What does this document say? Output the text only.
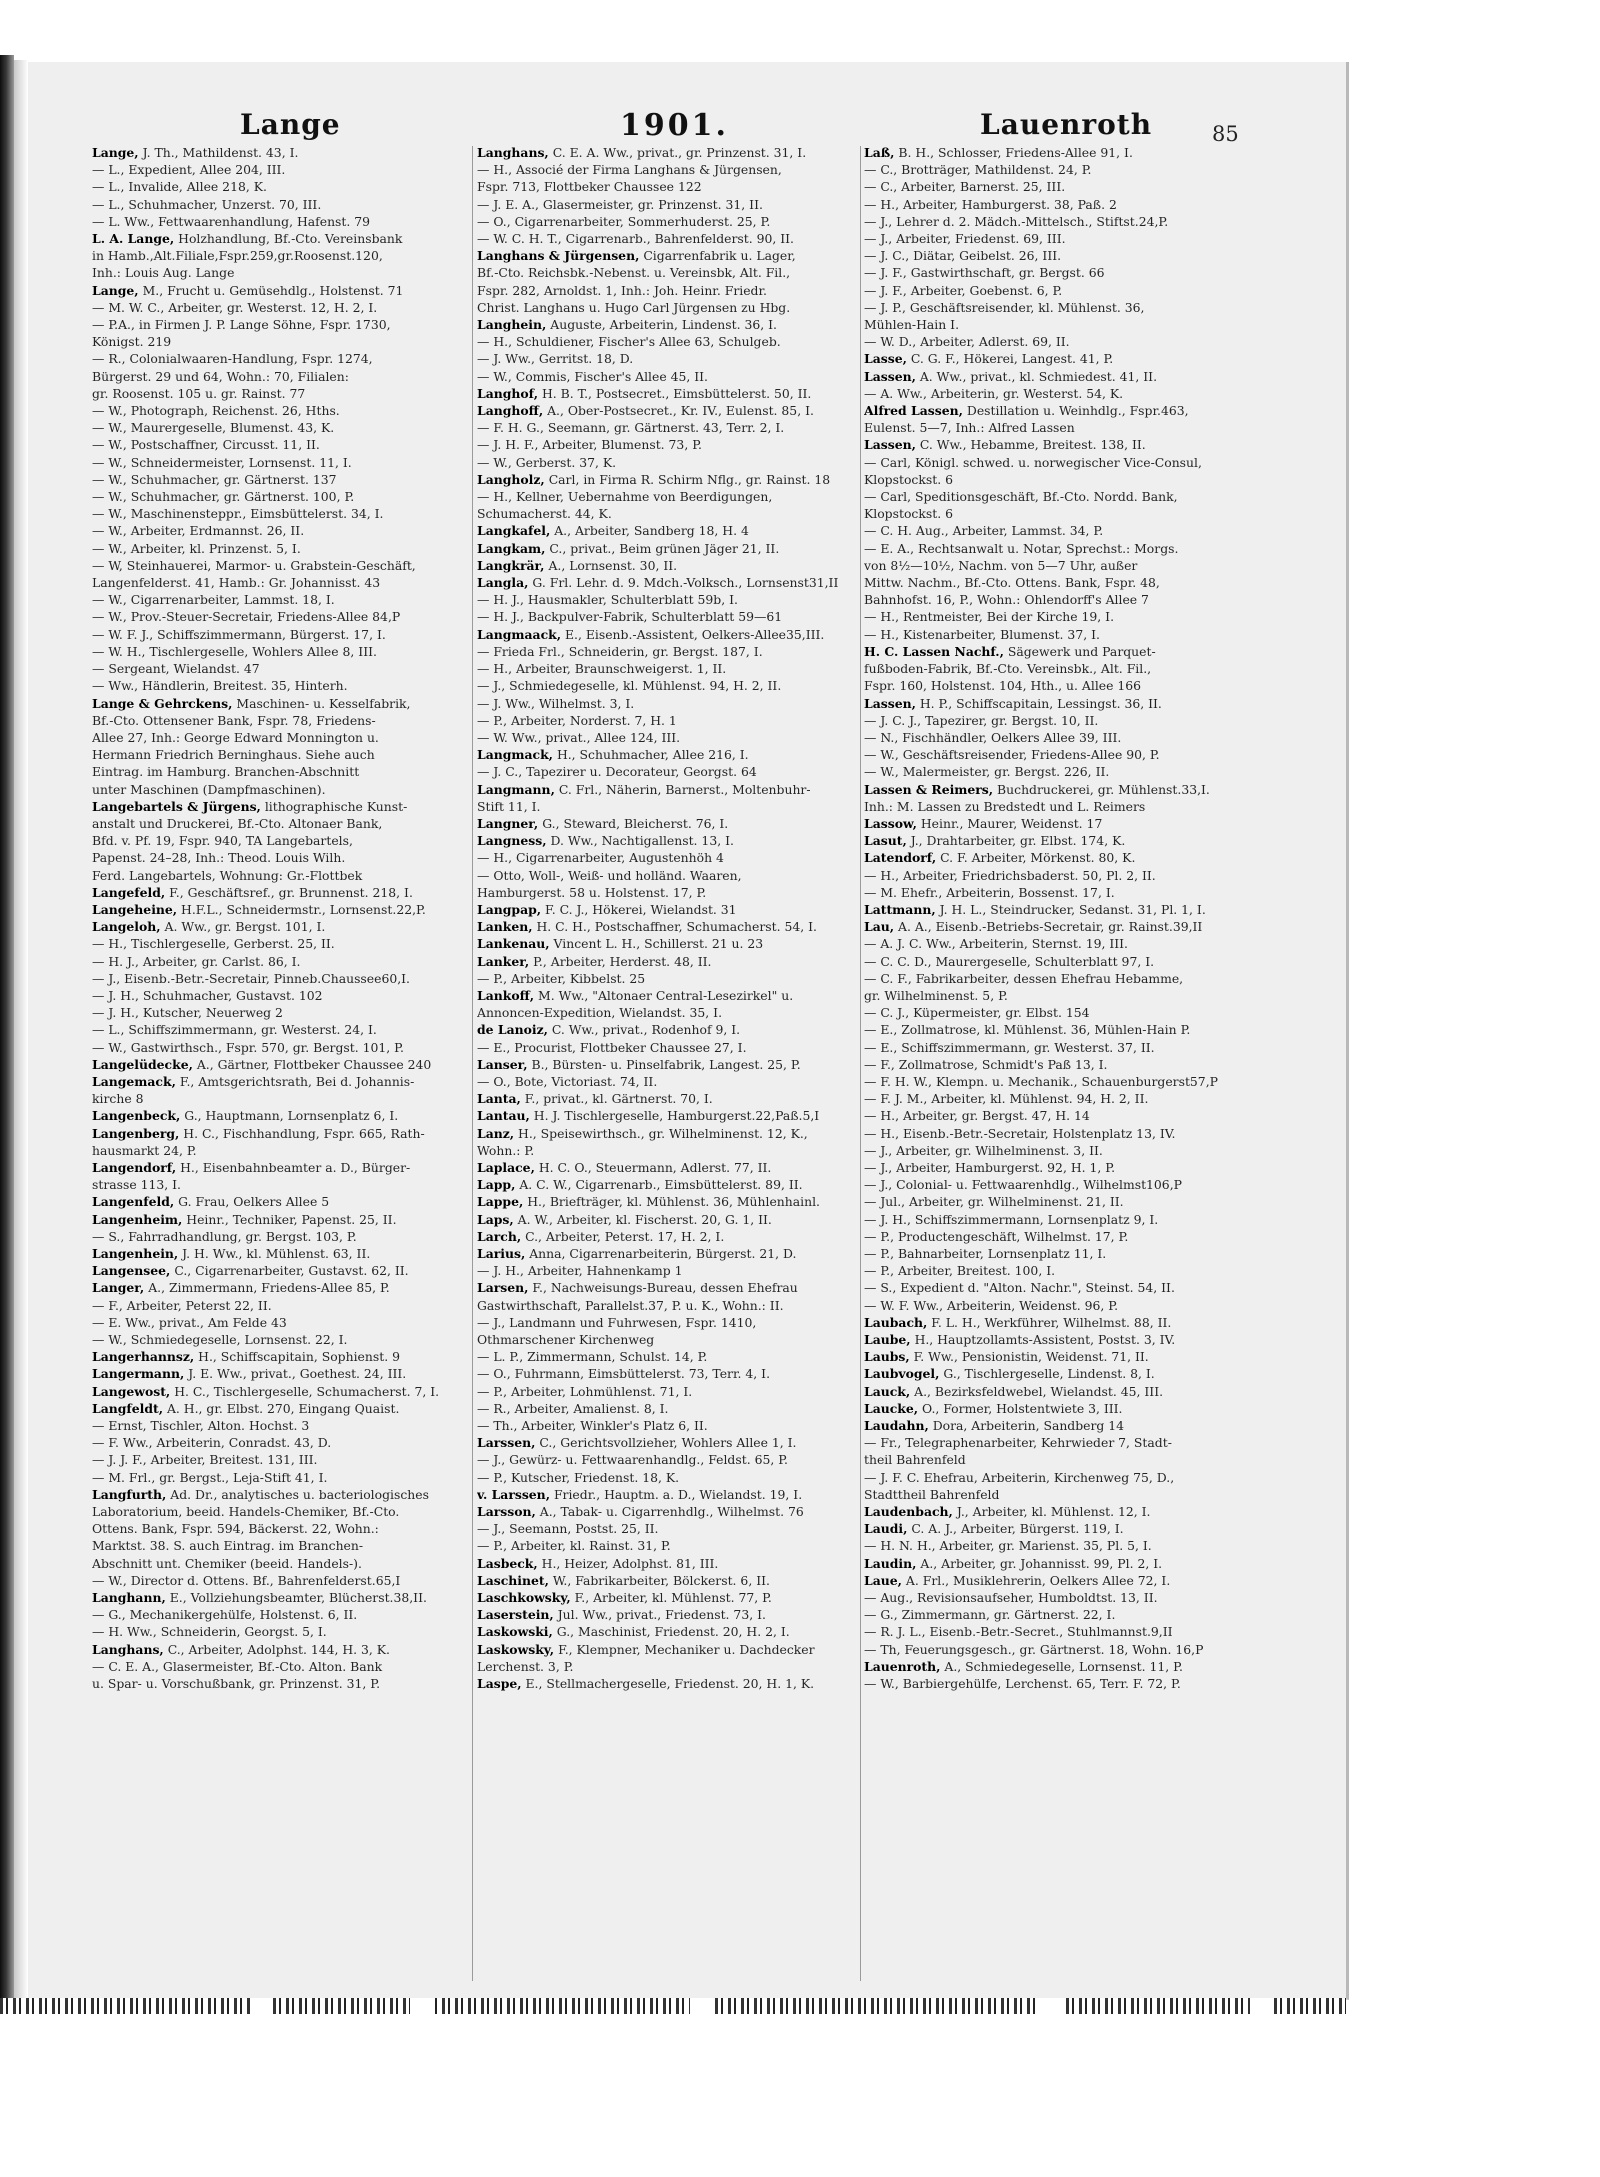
Lange	1901.	Lauenroth	85
Lange, J. Th., Mathildenst. 43, I.
— L., Expedient, Allee 204, III.
— L., Invalide, Allee 218, K.
— L., Schuhmacher, Unzerst. 70, III.
— L. Ww., Fettwaarenhandlung, Hafenst. 79
L. A. Lange, Holzhandlung, Bf.-Cto. Vereinsbank
in Hamb.,Alt.Filiale,Fspr.259,gr.Roosenst.120,
Inh.: Louis Aug. Lange
Lange, M., Frucht u. Gemüsehdlg., Holstenst. 71
— M. W. C., Arbeiter, gr. Westerst. 12, H. 2, I.
— P.A., in Firmen J. P. Lange Söhne, Fspr. 1730,
Königst. 219
— R., Colonialwaaren-Handlung, Fspr. 1274,
Bürgerst. 29 und 64, Wohn.: 70, Filialen:
gr. Roosenst. 105 u. gr. Rainst. 77
— W., Photograph, Reichenst. 26, Hths.
— W., Maurergeselle, Blumenst. 43, K.
— W., Postschaffner, Circusst. 11, II.
— W., Schneidermeister, Lornsenst. 11, I.
— W., Schuhmacher, gr. Gärtnerst. 137
— W., Schuhmacher, gr. Gärtnerst. 100, P.
— W., Maschinensteppr., Eimsbüttelerst. 34, I.
— W., Arbeiter, Erdmannst. 26, II.
— W., Arbeiter, kl. Prinzenst. 5, I.
— W, Steinhauerei, Marmor- u. Grabstein-Geschäft,
Langenfelderst. 41, Hamb.: Gr. Johannisst. 43
— W., Cigarrenarbeiter, Lammst. 18, I.
— W., Prov.-Steuer-Secretair, Friedens-Allee 84,P
— W. F. J., Schiffszimmermann, Bürgerst. 17, I.
— W. H., Tischlergeselle, Wohlers Allee 8, III.
— Sergeant, Wielandst. 47
— Ww., Händlerin, Breitest. 35, Hinterh.
Lange & Gehrckens, Maschinen- u. Kesselfabrik,
Bf.-Cto. Ottensener Bank, Fspr. 78, Friedens-
Allee 27, Inh.: George Edward Monnington u.
Hermann Friedrich Berninghaus. Siehe auch
Eintrag. im Hamburg. Branchen-Abschnitt
unter Maschinen (Dampfmaschinen).
Langebartels & Jürgens, lithographische Kunst-
anstalt und Druckerei, Bf.-Cto. Altonaer Bank,
Bfd. v. Pf. 19, Fspr. 940, TA Langebartels,
Papenst. 24–28, Inh.: Theod. Louis Wilh.
Ferd. Langebartels, Wohnung: Gr.-Flottbek
Langefeld, F., Geschäftsref., gr. Brunnenst. 218, I.
Langeheine, H.F.L., Schneidermstr., Lornsenst.22,P.
Langeloh, A. Ww., gr. Bergst. 101, I.
— H., Tischlergeselle, Gerberst. 25, II.
— H. J., Arbeiter, gr. Carlst. 86, I.
— J., Eisenb.-Betr.-Secretair, Pinneb.Chaussee60,I.
— J. H., Schuhmacher, Gustavst. 102
— J. H., Kutscher, Neuerweg 2
— L., Schiffszimmermann, gr. Westerst. 24, I.
— W., Gastwirthsch., Fspr. 570, gr. Bergst. 101, P.
Langelüdecke, A., Gärtner, Flottbeker Chaussee 240
Langemack, F., Amtsgerichtsrath, Bei d. Johannis-
kirche 8
Langenbeck, G., Hauptmann, Lornsenplatz 6, I.
Langenberg, H. C., Fischhandlung, Fspr. 665, Rath-
hausmarkt 24, P.
Langendorf, H., Eisenbahnbeamter a. D., Bürger-
strasse 113, I.
Langenfeld, G. Frau, Oelkers Allee 5
Langenheim, Heinr., Techniker, Papenst. 25, II.
— S., Fahrradhandlung, gr. Bergst. 103, P.
Langenhein, J. H. Ww., kl. Mühlenst. 63, II.
Langensee, C., Cigarrenarbeiter, Gustavst. 62, II.
Langer, A., Zimmermann, Friedens-Allee 85, P.
— F., Arbeiter, Peterst 22, II.
— E. Ww., privat., Am Felde 43
— W., Schmiedegeselle, Lornsenst. 22, I.
Langerhannsz, H., Schiffscapitain, Sophienst. 9
Langermann, J. E. Ww., privat., Goethest. 24, III.
Langewost, H. C., Tischlergeselle, Schumacherst. 7, I.
Langfeldt, A. H., gr. Elbst. 270, Eingang Quaist.
— Ernst, Tischler, Alton. Hochst. 3
— F. Ww., Arbeiterin, Conradst. 43, D.
— J. J. F., Arbeiter, Breitest. 131, III.
— M. Frl., gr. Bergst., Leja-Stift 41, I.
Langfurth, Ad. Dr., analytisches u. bacteriologisches
Laboratorium, beeid. Handels-Chemiker, Bf.-Cto.
Ottens. Bank, Fspr. 594, Bäckerst. 22, Wohn.:
Marktst. 38. S. auch Eintrag. im Branchen-
Abschnitt unt. Chemiker (beeid. Handels-).
— W., Director d. Ottens. Bf., Bahrenfelderst.65,I
Langhann, E., Vollziehungsbeamter, Blücherst.38,II.
— G., Mechanikergehülfe, Holstenst. 6, II.
— H. Ww., Schneiderin, Georgst. 5, I.
Langhans, C., Arbeiter, Adolphst. 144, H. 3, K.
— C. E. A., Glasermeister, Bf.-Cto. Alton. Bank
u. Spar- u. Vorschußbank, gr. Prinzenst. 31, P.
Langhans, C. E. A. Ww., privat., gr. Prinzenst. 31, I.
— H., Associé der Firma Langhans & Jürgensen,
Fspr. 713, Flottbeker Chaussee 122
— J. E. A., Glasermeister, gr. Prinzenst. 31, II.
— O., Cigarrenarbeiter, Sommerhuderst. 25, P.
— W. C. H. T., Cigarrenarb., Bahrenfelderst. 90, II.
Langhans & Jürgensen, Cigarrenfabrik u. Lager,
Bf.-Cto. Reichsbk.-Nebenst. u. Vereinsbk, Alt. Fil.,
Fspr. 282, Arnoldst. 1, Inh.: Joh. Heinr. Friedr.
Christ. Langhans u. Hugo Carl Jürgensen zu Hbg.
Langhein, Auguste, Arbeiterin, Lindenst. 36, I.
— H., Schuldiener, Fischer's Allee 63, Schulgeb.
— J. Ww., Gerritst. 18, D.
— W., Commis, Fischer's Allee 45, II.
Langhof, H. B. T., Postsecret., Eimsbüttelerst. 50, II.
Langhoff, A., Ober-Postsecret., Kr. IV., Eulenst. 85, I.
— F. H. G., Seemann, gr. Gärtnerst. 43, Terr. 2, I.
— J. H. F., Arbeiter, Blumenst. 73, P.
— W., Gerberst. 37, K.
Langholz, Carl, in Firma R. Schirm Nflg., gr. Rainst. 18
— H., Kellner, Uebernahme von Beerdigungen,
Schumacherst. 44, K.
Langkafel, A., Arbeiter, Sandberg 18, H. 4
Langkam, C., privat., Beim grünen Jäger 21, II.
Langkrär, A., Lornsenst. 30, II.
Langla, G. Frl. Lehr. d. 9. Mdch.-Volksch., Lornsenst31,II
— H. J., Hausmakler, Schulterblatt 59b, I.
— H. J., Backpulver-Fabrik, Schulterblatt 59—61
Langmaack, E., Eisenb.-Assistent, Oelkers-Allee35,III.
— Frieda Frl., Schneiderin, gr. Bergst. 187, I.
— H., Arbeiter, Braunschweigerst. 1, II.
— J., Schmiedegeselle, kl. Mühlenst. 94, H. 2, II.
— J. Ww., Wilhelmst. 3, I.
— P., Arbeiter, Norderst. 7, H. 1
— W. Ww., privat., Allee 124, III.
Langmack, H., Schuhmacher, Allee 216, I.
— J. C., Tapezirer u. Decorateur, Georgst. 64
Langmann, C. Frl., Näherin, Barnerst., Moltenbuhr-
Stift 11, I.
Langner, G., Steward, Bleicherst. 76, I.
Langness, D. Ww., Nachtigallenst. 13, I.
— H., Cigarrenarbeiter, Augustenhöh 4
— Otto, Woll-, Weiß- und holländ. Waaren,
Hamburgerst. 58 u. Holstenst. 17, P.
Langpap, F. C. J., Hökerei, Wielandst. 31
Lanken, H. C. H., Postschaffner, Schumacherst. 54, I.
Lankenau, Vincent L. H., Schillerst. 21 u. 23
Lanker, P., Arbeiter, Herderst. 48, II.
— P., Arbeiter, Kibbelst. 25
Lankoff, M. Ww., "Altonaer Central-Lesezirkel" u.
Annoncen-Expedition, Wielandst. 35, I.
de Lanoiz, C. Ww., privat., Rodenhof 9, I.
— E., Procurist, Flottbeker Chaussee 27, I.
Lanser, B., Bürsten- u. Pinselfabrik, Langest. 25, P.
— O., Bote, Victoriast. 74, II.
Lanta, F., privat., kl. Gärtnerst. 70, I.
Lantau, H. J. Tischlergeselle, Hamburgerst.22,Paß.5,I
Lanz, H., Speisewirthsch., gr. Wilhelminenst. 12, K.,
Wohn.: P.
Laplace, H. C. O., Steuermann, Adlerst. 77, II.
Lapp, A. C. W., Cigarrenarb., Eimsbüttelerst. 89, II.
Lappe, H., Briefträger, kl. Mühlenst. 36, Mühlenhainl.
Laps, A. W., Arbeiter, kl. Fischerst. 20, G. 1, II.
Larch, C., Arbeiter, Peterst. 17, H. 2, I.
Larius, Anna, Cigarrenarbeiterin, Bürgerst. 21, D.
— J. H., Arbeiter, Hahnenkamp 1
Larsen, F., Nachweisungs-Bureau, dessen Ehefrau
Gastwirthschaft, Parallelst.37, P. u. K., Wohn.: II.
— J., Landmann und Fuhrwesen, Fspr. 1410,
Othmarschener Kirchenweg
— L. P., Zimmermann, Schulst. 14, P.
— O., Fuhrmann, Eimsbüttelerst. 73, Terr. 4, I.
— P., Arbeiter, Lohmühlenst. 71, I.
— R., Arbeiter, Amalienst. 8, I.
— Th., Arbeiter, Winkler's Platz 6, II.
Larssen, C., Gerichtsvollzieher, Wohlers Allee 1, I.
— J., Gewürz- u. Fettwaarenhandlg., Feldst. 65, P.
— P., Kutscher, Friedenst. 18, K.
v. Larssen, Friedr., Hauptm. a. D., Wielandst. 19, I.
Larsson, A., Tabak- u. Cigarrenhdlg., Wilhelmst. 76
— J., Seemann, Postst. 25, II.
— P., Arbeiter, kl. Rainst. 31, P.
Lasbeck, H., Heizer, Adolphst. 81, III.
Laschinet, W., Fabrikarbeiter, Bölckerst. 6, II.
Laschkowsky, F., Arbeiter, kl. Mühlenst. 77, P.
Laserstein, Jul. Ww., privat., Friedenst. 73, I.
Laskowski, G., Maschinist, Friedenst. 20, H. 2, I.
Laskowsky, F., Klempner, Mechaniker u. Dachdecker
Lerchenst. 3, P.
Laspe, E., Stellmachergeselle, Friedenst. 20, H. 1, K.
Laß, B. H., Schlosser, Friedens-Allee 91, I.
— C., Brotträger, Mathildenst. 24, P.
— C., Arbeiter, Barnerst. 25, III.
— H., Arbeiter, Hamburgerst. 38, Paß. 2
— J., Lehrer d. 2. Mädch.-Mittelsch., Stiftst.24,P.
— J., Arbeiter, Friedenst. 69, III.
— J. C., Diätar, Geibelst. 26, III.
— J. F., Gastwirthschaft, gr. Bergst. 66
— J. F., Arbeiter, Goebenst. 6, P.
— J. P., Geschäftsreisender, kl. Mühlenst. 36,
Mühlen-Hain I.
— W. D., Arbeiter, Adlerst. 69, II.
Lasse, C. G. F., Hökerei, Langest. 41, P.
Lassen, A. Ww., privat., kl. Schmiedest. 41, II.
— A. Ww., Arbeiterin, gr. Westerst. 54, K.
Alfred Lassen, Destillation u. Weinhdlg., Fspr.463,
Eulenst. 5—7, Inh.: Alfred Lassen
Lassen, C. Ww., Hebamme, Breitest. 138, II.
— Carl, Königl. schwed. u. norwegischer Vice-Consul,
Klopstockst. 6
— Carl, Speditionsgeschäft, Bf.-Cto. Nordd. Bank,
Klopstockst. 6
— C. H. Aug., Arbeiter, Lammst. 34, P.
— E. A., Rechtsanwalt u. Notar, Sprechst.: Morgs.
von 8½—10½, Nachm. von 5—7 Uhr, außer
Mittw. Nachm., Bf.-Cto. Ottens. Bank, Fspr. 48,
Bahnhofst. 16, P., Wohn.: Ohlendorff's Allee 7
— H., Rentmeister, Bei der Kirche 19, I.
— H., Kistenarbeiter, Blumenst. 37, I.
H. C. Lassen Nachf., Sägewerk und Parquet-
fußboden-Fabrik, Bf.-Cto. Vereinsbk., Alt. Fil.,
Fspr. 160, Holstenst. 104, Hth., u. Allee 166
Lassen, H. P., Schiffscapitain, Lessingst. 36, II.
— J. C. J., Tapezirer, gr. Bergst. 10, II.
— N., Fischhändler, Oelkers Allee 39, III.
— W., Geschäftsreisender, Friedens-Allee 90, P.
— W., Malermeister, gr. Bergst. 226, II.
Lassen & Reimers, Buchdruckerei, gr. Mühlenst.33,I.
Inh.: M. Lassen zu Bredstedt und L. Reimers
Lassow, Heinr., Maurer, Weidenst. 17
Lasut, J., Drahtarbeiter, gr. Elbst. 174, K.
Latendorf, C. F. Arbeiter, Mörkenst. 80, K.
— H., Arbeiter, Friedrichsbaderst. 50, Pl. 2, II.
— M. Ehefr., Arbeiterin, Bossenst. 17, I.
Lattmann, J. H. L., Steindrucker, Sedanst. 31, Pl. 1, I.
Lau, A. A., Eisenb.-Betriebs-Secretair, gr. Rainst.39,II
— A. J. C. Ww., Arbeiterin, Sternst. 19, III.
— C. C. D., Maurergeselle, Schulterblatt 97, I.
— C. F., Fabrikarbeiter, dessen Ehefrau Hebamme,
gr. Wilhelminenst. 5, P.
— C. J., Küpermeister, gr. Elbst. 154
— E., Zollmatrose, kl. Mühlenst. 36, Mühlen-Hain P.
— E., Schiffszimmermann, gr. Westerst. 37, II.
— F., Zollmatrose, Schmidt's Paß 13, I.
— F. H. W., Klempn. u. Mechanik., Schauenburgerst57,P
— F. J. M., Arbeiter, kl. Mühlenst. 94, H. 2, II.
— H., Arbeiter, gr. Bergst. 47, H. 14
— H., Eisenb.-Betr.-Secretair, Holstenplatz 13, IV.
— J., Arbeiter, gr. Wilhelminenst. 3, II.
— J., Arbeiter, Hamburgerst. 92, H. 1, P.
— J., Colonial- u. Fettwaarenhdlg., Wilhelmst106,P
— Jul., Arbeiter, gr. Wilhelminenst. 21, II.
— J. H., Schiffszimmermann, Lornsenplatz 9, I.
— P., Productengeschäft, Wilhelmst. 17, P.
— P., Bahnarbeiter, Lornsenplatz 11, I.
— P., Arbeiter, Breitest. 100, I.
— S., Expedient d. "Alton. Nachr.", Steinst. 54, II.
— W. F. Ww., Arbeiterin, Weidenst. 96, P.
Laubach, F. L. H., Werkführer, Wilhelmst. 88, II.
Laube, H., Hauptzollamts-Assistent, Postst. 3, IV.
Laubs, F. Ww., Pensionistin, Weidenst. 71, II.
Laubvogel, G., Tischlergeselle, Lindenst. 8, I.
Lauck, A., Bezirksfeldwebel, Wielandst. 45, III.
Laucke, O., Former, Holstentwiete 3, III.
Laudahn, Dora, Arbeiterin, Sandberg 14
— Fr., Telegraphenarbeiter, Kehrwieder 7, Stadt-
theil Bahrenfeld
— J. F. C. Ehefrau, Arbeiterin, Kirchenweg 75, D.,
Stadttheil Bahrenfeld
Laudenbach, J., Arbeiter, kl. Mühlenst. 12, I.
Laudi, C. A. J., Arbeiter, Bürgerst. 119, I.
— H. N. H., Arbeiter, gr. Marienst. 35, Pl. 5, I.
Laudin, A., Arbeiter, gr. Johannisst. 99, Pl. 2, I.
Laue, A. Frl., Musiklehrerin, Oelkers Allee 72, I.
— Aug., Revisionsaufseher, Humboldtst. 13, II.
— G., Zimmermann, gr. Gärtnerst. 22, I.
— R. J. L., Eisenb.-Betr.-Secret., Stuhlmannst.9,II
— Th, Feuerungsgesch., gr. Gärtnerst. 18, Wohn. 16,P
Lauenroth, A., Schmiedegeselle, Lornsenst. 11, P.
— W., Barbiergehülfe, Lerchenst. 65, Terr. F. 72, P.
